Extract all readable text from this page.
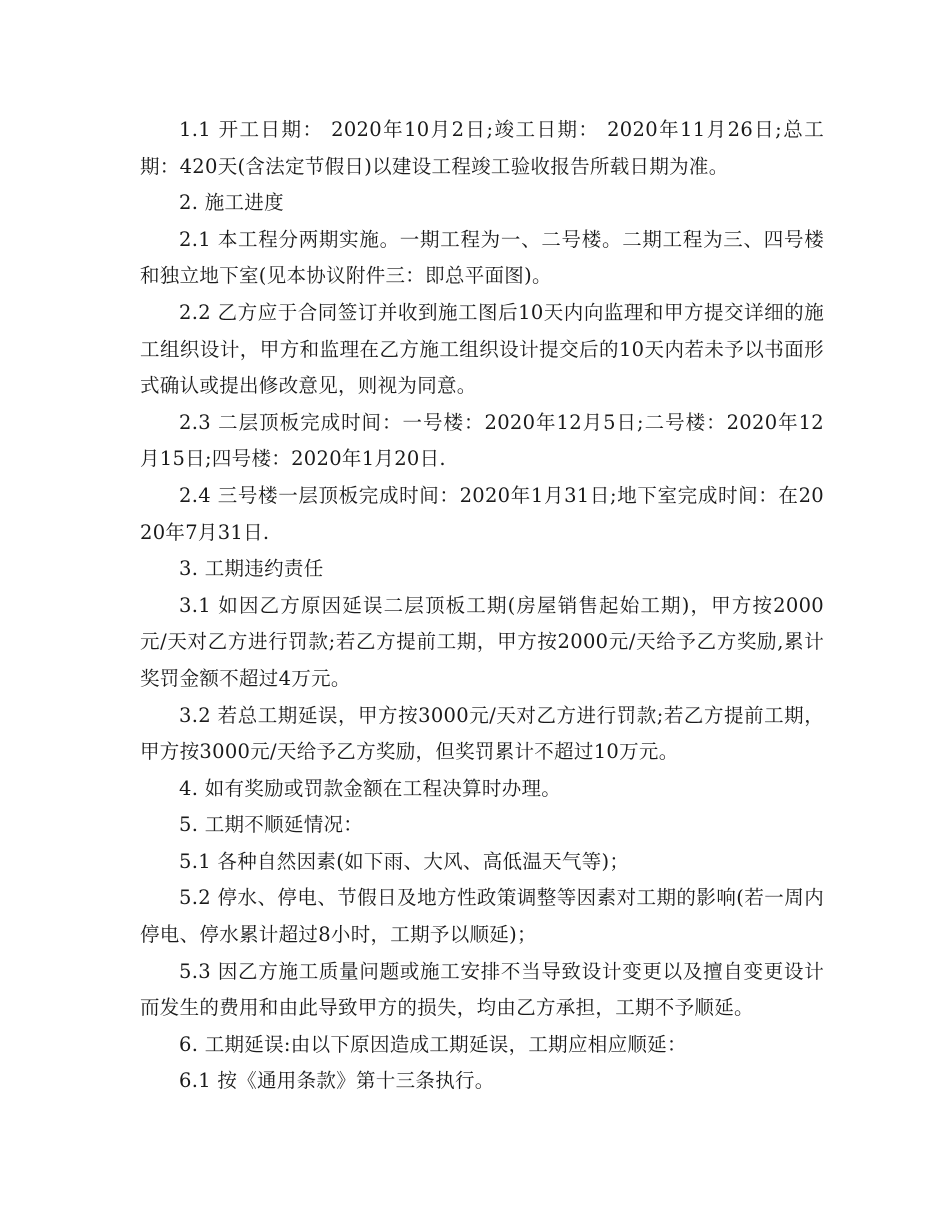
1.1 开工日期： 2020年10月2日;竣工日期： 2020年11月26日;总工期：420天(含法定节假日)以建设工程竣工验收报告所载日期为准。

2. 施工进度

2.1 本工程分两期实施。一期工程为一、二号楼。二期工程为三、四号楼和独立地下室(见本协议附件三：即总平面图)。

2.2 乙方应于合同签订并收到施工图后10天内向监理和甲方提交详细的施工组织设计，甲方和监理在乙方施工组织设计提交后的10天内若未予以书面形式确认或提出修改意见，则视为同意。

2.3 二层顶板完成时间：一号楼：2020年12月5日;二号楼：2020年12月15日;四号楼：2020年1月20日.

2.4 三号楼一层顶板完成时间：2020年1月31日;地下室完成时间：在2020年7月31日.

3. 工期违约责任

3.1 如因乙方原因延误二层顶板工期(房屋销售起始工期)，甲方按2000元/天对乙方进行罚款;若乙方提前工期，甲方按2000元/天给予乙方奖励,累计奖罚金额不超过4万元。

3.2 若总工期延误，甲方按3000元/天对乙方进行罚款;若乙方提前工期，甲方按3000元/天给予乙方奖励，但奖罚累计不超过10万元。

4. 如有奖励或罚款金额在工程决算时办理。

5. 工期不顺延情况：

5.1 各种自然因素(如下雨、大风、高低温天气等)；

5.2 停水、停电、节假日及地方性政策调整等因素对工期的影响(若一周内停电、停水累计超过8小时，工期予以顺延)；

5.3 因乙方施工质量问题或施工安排不当导致设计变更以及擅自变更设计而发生的费用和由此导致甲方的损失，均由乙方承担，工期不予顺延。

6. 工期延误:由以下原因造成工期延误，工期应相应顺延：

6.1 按《通用条款》第十三条执行。
